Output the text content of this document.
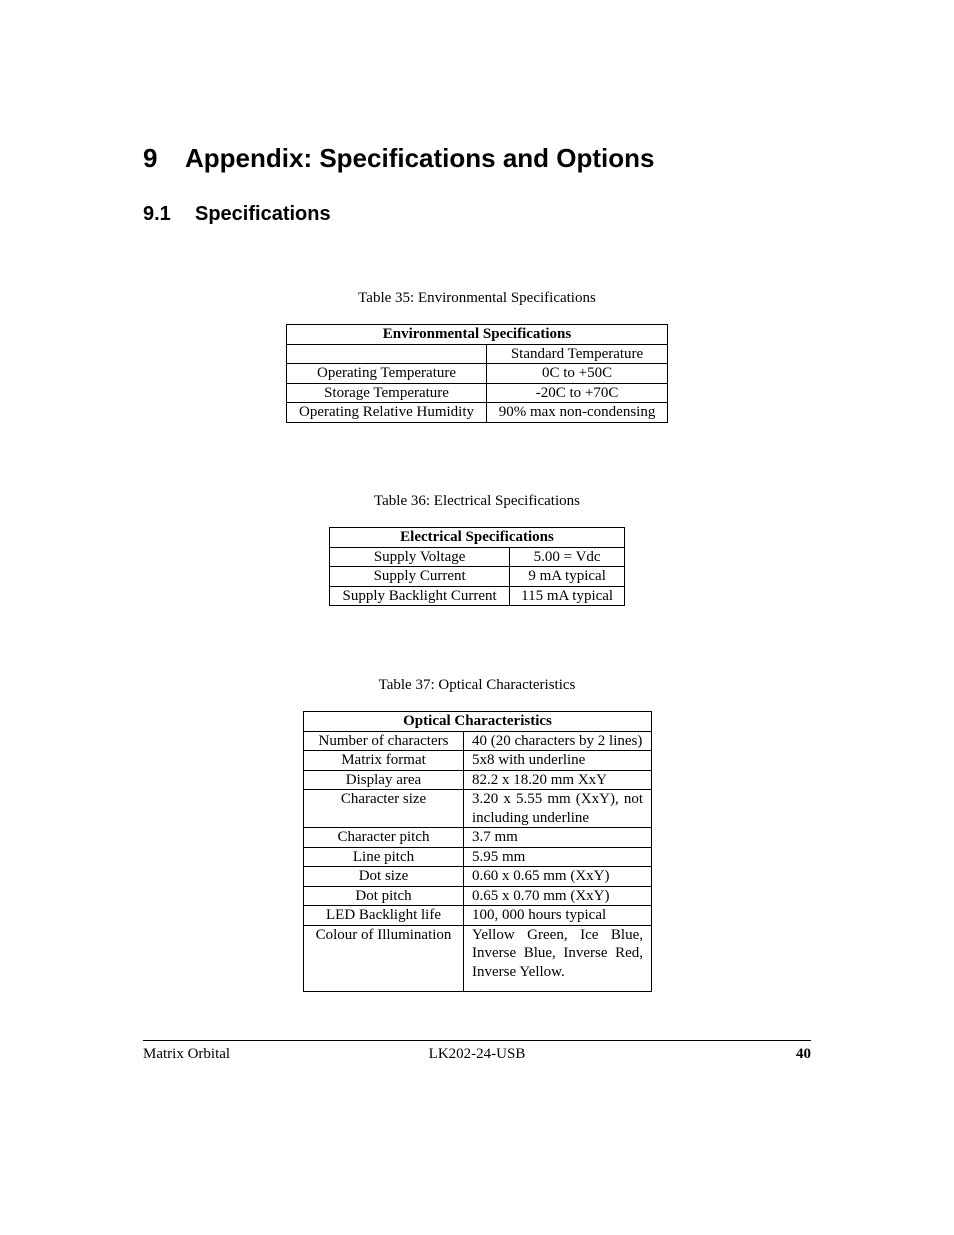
9 Appendix: Specifications and Options
9.1 Specifications
Table 35: Environmental Specifications
Environmental Specifications	
	Standard Temperature
Operating Temperature	0C to +50C
Storage Temperature	-20C to +70C
Operating Relative Humidity	90% max non-condensing
Table 36: Electrical Specifications
Electrical Specifications	
Supply Voltage	5.00 = Vdc
Supply Current	9 mA typical
Supply Backlight Current	115 mA typical
Table 37: Optical Characteristics
Optical Characteristics	
Number of characters	40 (20 characters by 2 lines)
Matrix format	5x8 with underline
Display area	82.2 x 18.20 mm XxY
Character size	3.20 x 5.55 mm (XxY), not including underline
Character pitch	3.7 mm
Line pitch	5.95 mm
Dot size	0.60 x 0.65 mm (XxY)
Dot pitch	0.65 x 0.70 mm (XxY)
LED Backlight life	100, 000 hours typical
Colour of Illumination	Yellow Green, Ice Blue, Inverse Blue, Inverse Red, Inverse Yellow.
Matrix Orbital	LK202-24-USB	40
